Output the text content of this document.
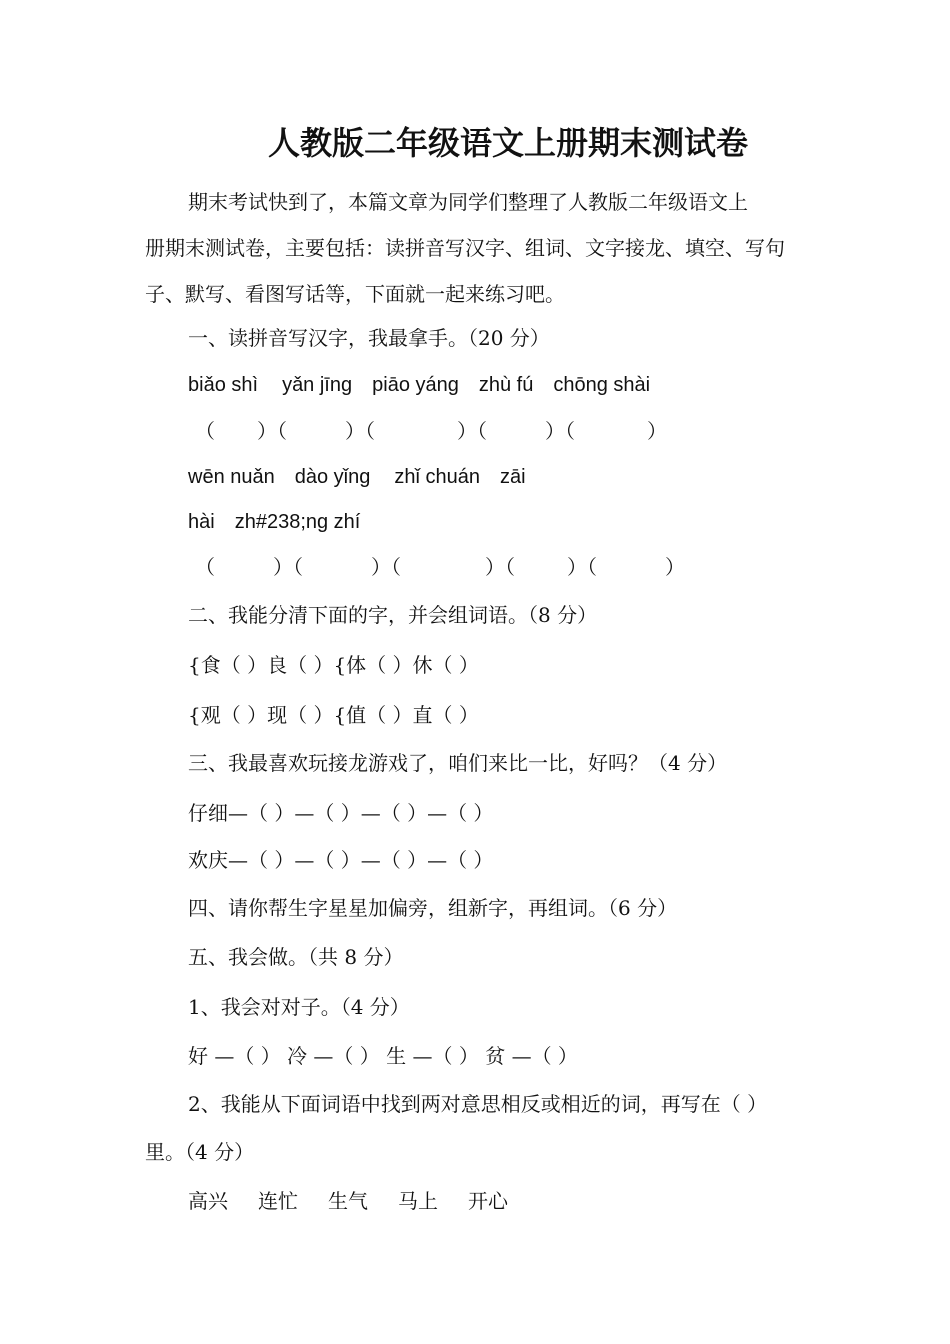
人教版二年级语文上册期末测试卷
期末考试快到了，本篇文章为同学们整理了人教版二年级语文上
册期末测试卷，主要包括：读拼音写汉字、组词、文字接龙、填空、写句
子、默写、看图写话等，下面就一起来练习吧。
一、读拼音写汉字，我最拿手。（20 分）
biǎo shì yǎn jīng piāo yáng zhù fú chōng shài
（ ）（	）（	）（	）（	）
wēn nuǎn dào yǐng zhǐ chuán zāi
hài zh#238;ng zhí
（	）（	）（	）（	）（	）
二、我能分清下面的字，并会组词语。（8 分）
{食（ ）良（ ）{体（ ）休（ ）
{观（ ）现（ ）{值（ ）直（ ）
三、我最喜欢玩接龙游戏了，咱们来比一比，好吗？（4 分）
仔细—（ ）—（ ）—（ ）—（ ）
欢庆—（ ）—（ ）—（ ）—（ ）
四、请你帮生字星星加偏旁，组新字，再组词。（6 分）
五、我会做。（共 8 分）
1、我会对对子。（4 分）
好 —（ ） 冷 —（ ） 生 —（ ） 贫 —（ ）
2、我能从下面词语中找到两对意思相反或相近的词，再写在（ ）
里。（4 分）
高兴 连忙 生气 马上 开心
